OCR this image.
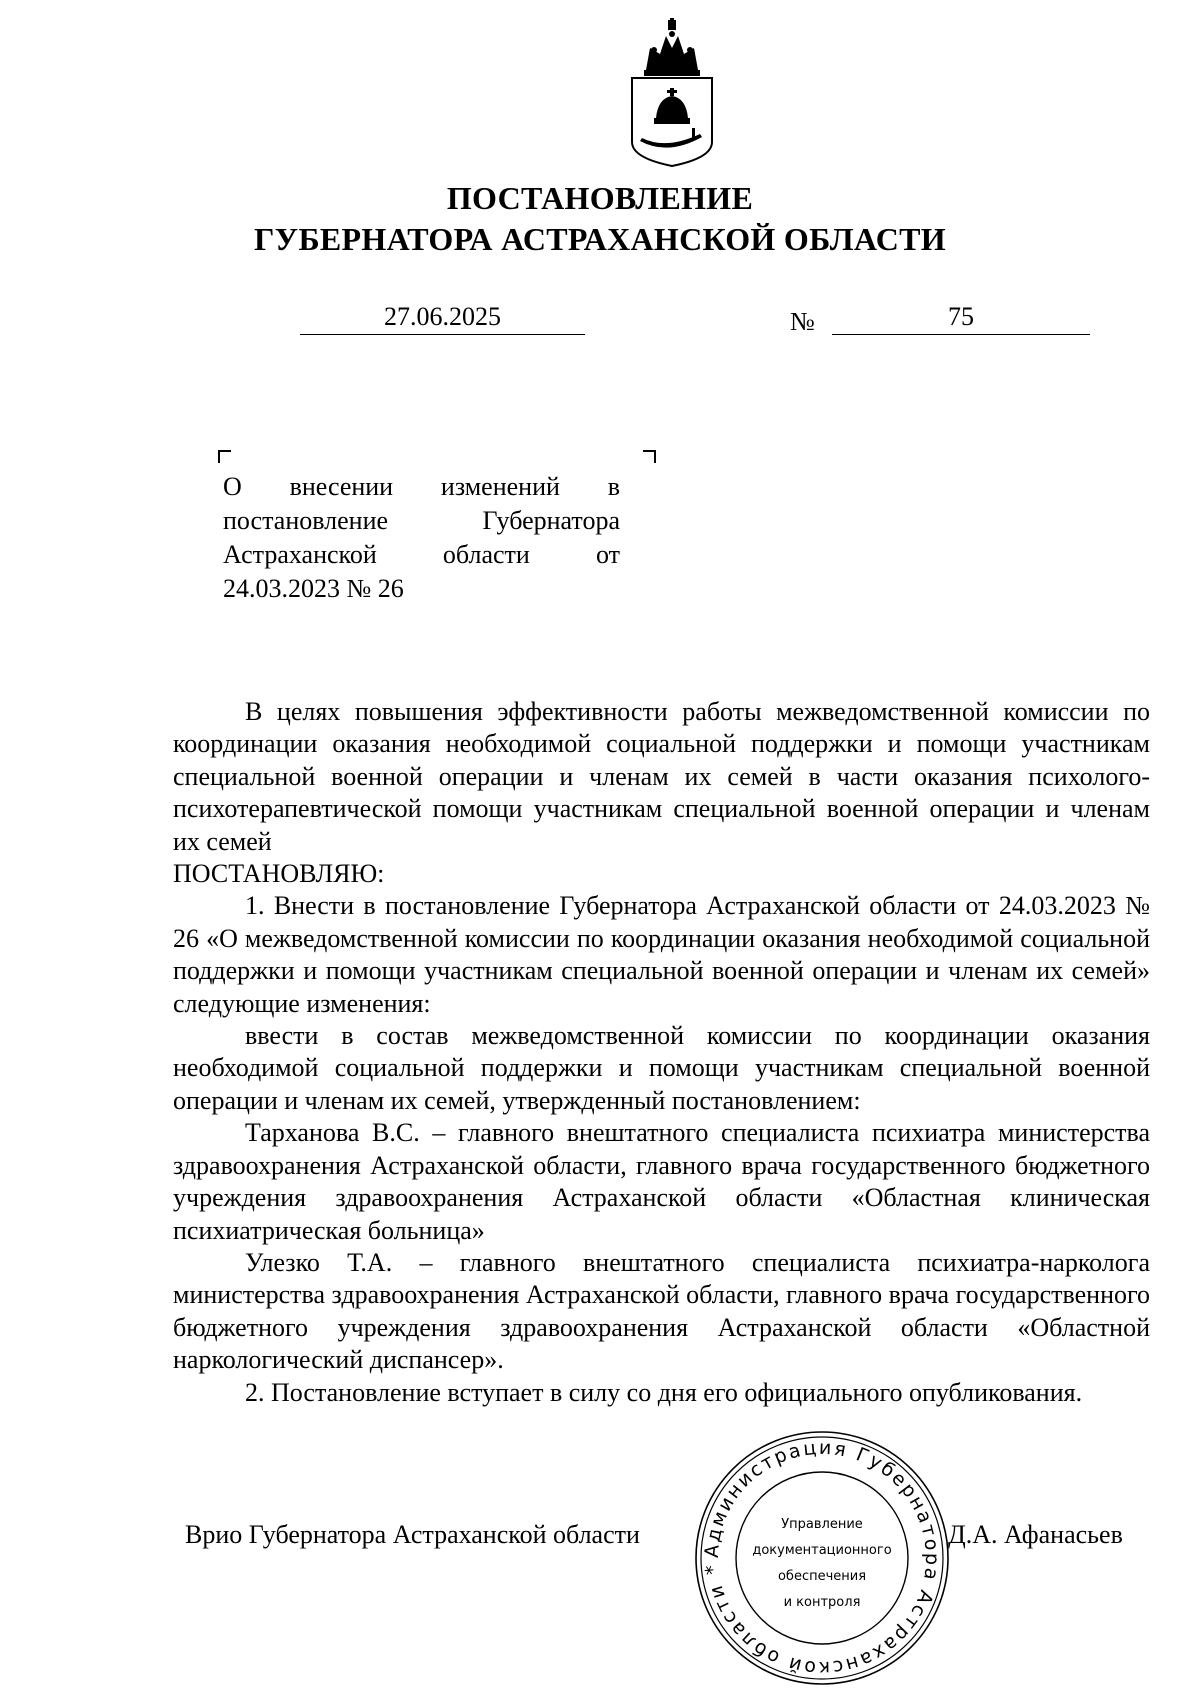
ПОСТАНОВЛЕНИЕ
ГУБЕРНАТОРА АСТРАХАНСКОЙ ОБЛАСТИ
27.06.2025	№	75

О внесении изменений в

постановление Губернатора

Астраханской области от

24.03.2023 № 26

В целях повышения эффективности работы межведомственной комиссии по координации оказания необходимой социальной поддержки и помощи участникам специальной военной операции и членам их семей в части оказания психолого-психотерапевтической помощи участникам специальной военной операции и членам их семей

ПОСТАНОВЛЯЮ:

1. Внести в постановление Губернатора Астраханской области от 24.03.2023 № 26 «О межведомственной комиссии по координации оказания необходимой социальной поддержки и помощи участникам специальной военной операции и членам их семей» следующие изменения:

ввести в состав межведомственной комиссии по координации оказания необходимой социальной поддержки и помощи участникам специальной военной операции и членам их семей, утвержденный постановлением:

Тарханова В.С. – главного внештатного специалиста психиатра министерства здравоохранения Астраханской области, главного врача государственного бюджетного учреждения здравоохранения Астраханской области «Областная клиническая психиатрическая больница»

Улезко Т.А. – главного внештатного специалиста психиатра-нарколога министерства здравоохранения Астраханской области, главного врача государственного бюджетного учреждения здравоохранения Астраханской области «Областной наркологический диспансер».

2. Постановление вступает в силу со дня его официального опубликования.

Врио Губернатора Астраханской области	Д.А. Афанасьев
Администрация Губернатора Астраханской области *
Управление
документационного
обеспечения
и контроля
